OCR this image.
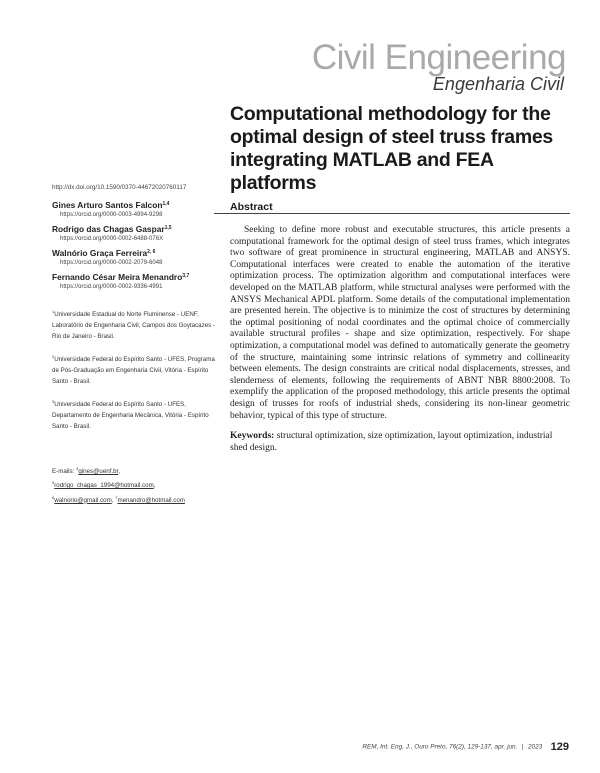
Civil Engineering
Engenharia Civil
Computational methodology for the optimal design of steel truss frames integrating MATLAB and FEA platforms
http://dx.doi.org/10.1590/0370-44672020760117
Gines Arturo Santos Falcon$^{1,4}$
https://orcid.org/0000-0003-4994-9298
Rodrigo das Chagas Gaspar$^{1,5}$
https://orcid.org/0000-0002-6488-076X
Walnório Graça Ferreira$^{2, 6}$
https://orcid.org/0000-0002-2079-6048
Fernando César Meira Menandro$^{3,7}$
https://orcid.org/0000-0002-9336-4991
$^1$Universidade Estadual do Norte Fluminense - UENF, Laboratório de Engenharia Civil, Campos dos Goytacazes - Rio de Janeiro - Brasil.
$^2$Universidade Federal do Espírito Santo - UFES, Programa de Pós-Graduação em Engenharia Civil, Vitória - Espírito Santo - Brasil.
$^3$Universidade Federal do Espírito Santo - UFES, Departamento de Engenharia Mecânica, Vitória - Espírito Santo - Brasil.
E-mails: $^4$gines@uenf.br,
$^5$rodrigo_chagas_1994@hotmail.com,
$^6$walnorio@gmail.com, $^7$menandro@hotmail.com
Abstract

Seeking to define more robust and executable structures, this article presents a computational framework for the optimal design of steel truss frames, which integrates two software of great prominence in structural engineering, MATLAB and ANSYS. Computational interfaces were created to enable the automation of the iterative optimization process. The optimization algorithm and computational interfaces were developed on the MATLAB platform, while structural analyses were performed with the ANSYS Mechanical APDL platform. Some details of the computational implementation are presented herein. The objective is to minimize the cost of structures by determining the optimal positioning of nodal coordinates and the optimal choice of commercially available structural profiles - shape and size optimization, respectively. For shape optimization, a computational model was defined to automatically generate the geometry of the structure, maintaining some intrinsic relations of symmetry and collinearity between elements. The design constraints are critical nodal displacements, stresses, and slenderness of elements, following the requirements of ABNT NBR 8800:2008. To exemplify the application of the proposed methodology, this article presents the optimal design of trusses for roofs of industrial sheds, considering its non-linear geometric behavior, typical of this type of structure.

Keywords: structural optimization, size optimization, layout optimization, industrial shed design.

REM, Int. Eng. J., Ouro Preto, 76(2), 129-137, apr. jun. | 2023 129
